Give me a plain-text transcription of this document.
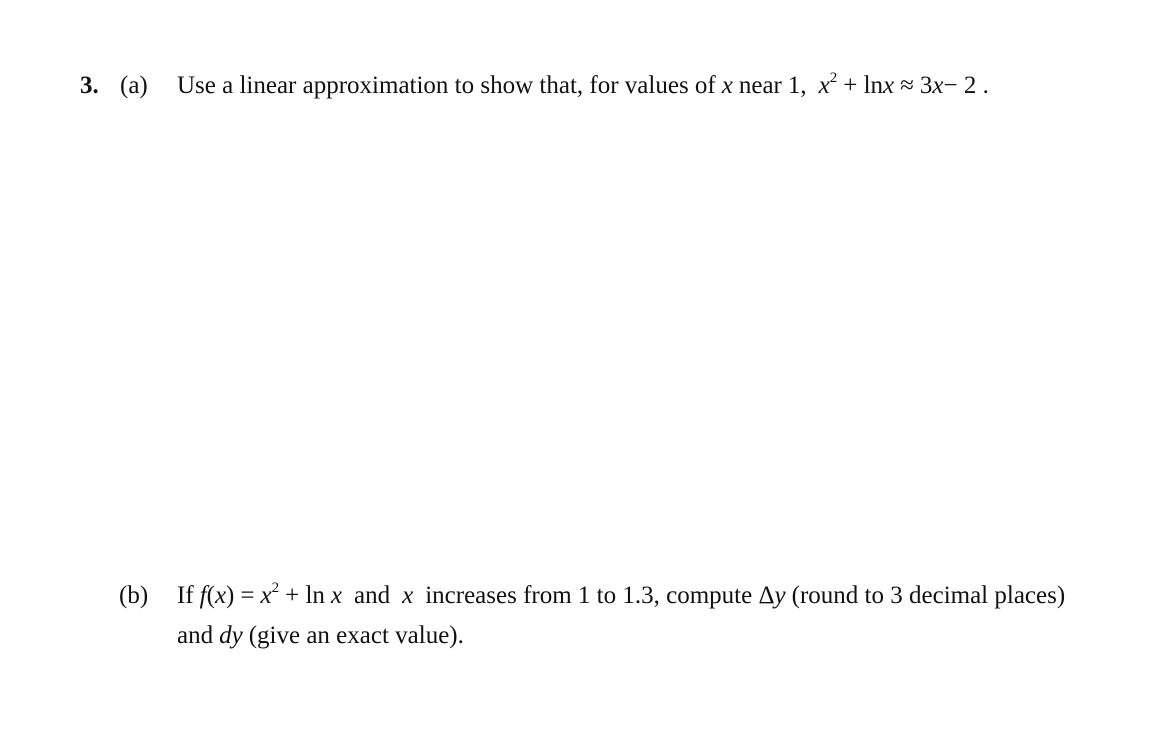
3. (a) Use a linear approximation to show that, for values of x near 1, $x^2 + \ln x \approx 3x- 2$ .
(b) If $f(x) = x^2 + \ln x$ and x increases from 1 to 1.3, compute Δy (round to 3 decimal places)
and dy (give an exact value).
